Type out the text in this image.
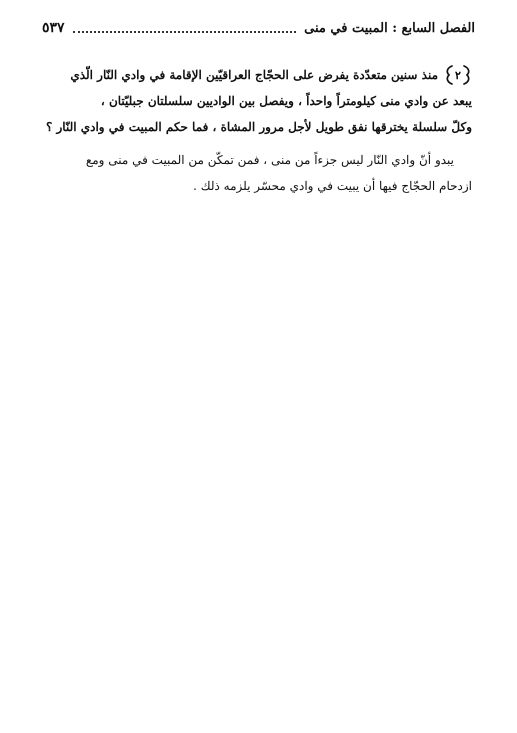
الفصل السابع : المبيت في منى
٥٣٧
٢
منذ سنين متعدّدة يفرض على الحجّاج العراقيّين الإقامة في وادي النّار الّذي
يبعد عن وادي منى كيلومتراً واحداً ، ويفصل بين الواديين سلسلتان جبليّتان ،
وكلّ سلسلة يخترقها نفق طويل لأجل مرور المشاة ، فما حكم المبيت في وادي النّار ؟
يبدو أنّ وادي النّار ليس جزءاً من منى ، فمن تمكّن من المبيت في منى ومع
ازدحام الحجّاج فيها أن يبيت في وادي محسّر يلزمه ذلك .
